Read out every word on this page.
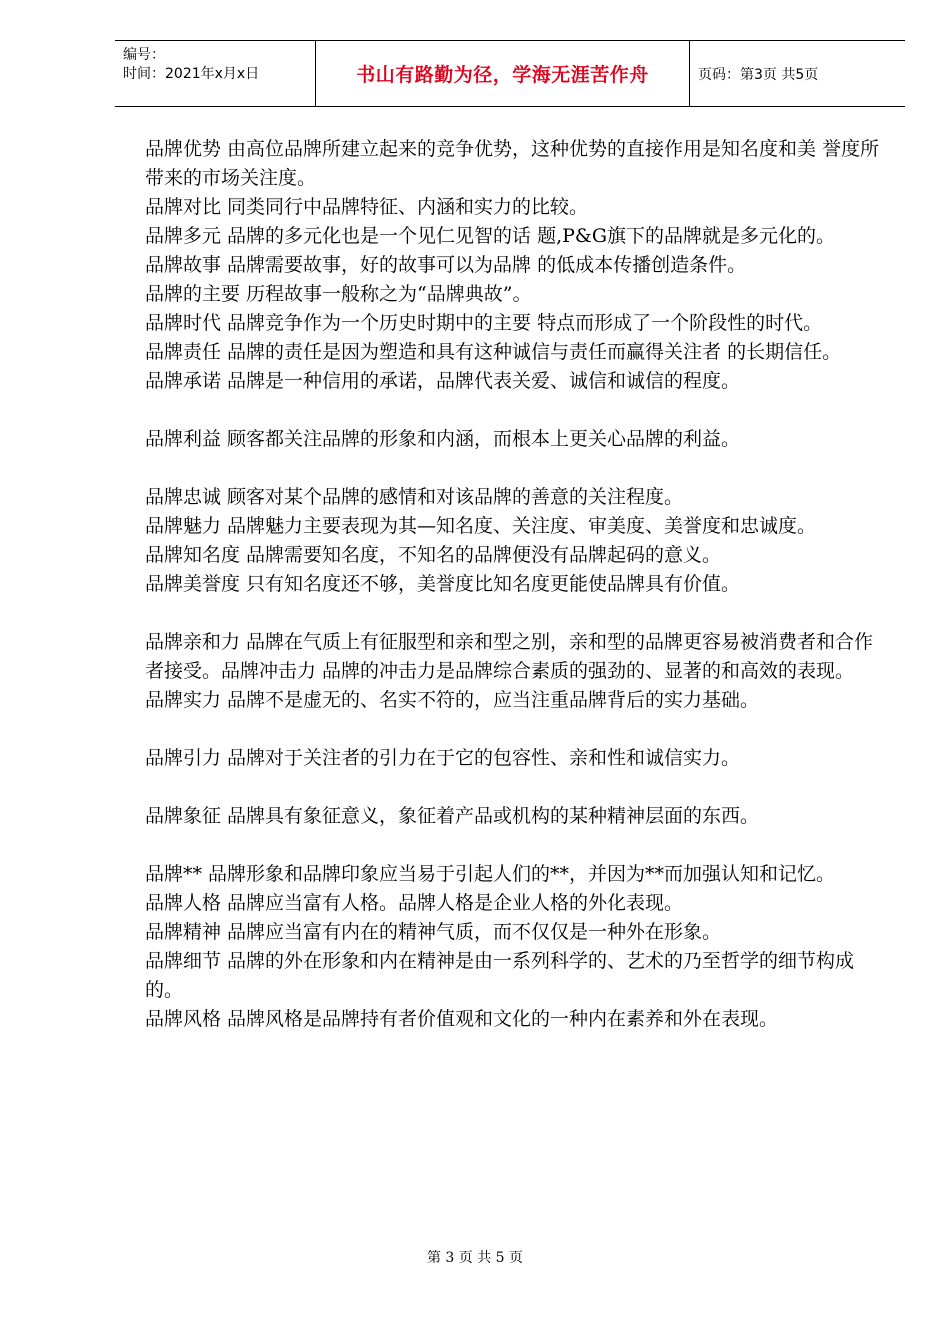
编号：
时间：2021年x月x日	书山有路勤为径，学海无涯苦作舟	页码：第3页 共5页

品牌优势 由高位品牌所建立起来的竞争优势，这种优势的直接作用是知名度和美 誉度所带来的市场关注度。

品牌对比 同类同行中品牌特征、内涵和实力的比较。

品牌多元 品牌的多元化也是一个见仁见智的话 题,P&G旗下的品牌就是多元化的。

品牌故事 品牌需要故事，好的故事可以为品牌 的低成本传播创造条件。

品牌的主要 历程故事一般称之为“品牌典故”。

品牌时代 品牌竞争作为一个历史时期中的主要 特点而形成了一个阶段性的时代。

品牌责任 品牌的责任是因为塑造和具有这种诚信与责任而赢得关注者 的长期信任。

品牌承诺 品牌是一种信用的承诺，品牌代表关爱、诚信和诚信的程度。

品牌利益 顾客都关注品牌的形象和内涵，而根本上更关心品牌的利益。

品牌忠诚 顾客对某个品牌的感情和对该品牌的善意的关注程度。

品牌魅力 品牌魅力主要表现为其—知名度、关注度、审美度、美誉度和忠诚度。

品牌知名度 品牌需要知名度，不知名的品牌便没有品牌起码的意义。

品牌美誉度 只有知名度还不够，美誉度比知名度更能使品牌具有价值。

品牌亲和力 品牌在气质上有征服型和亲和型之别，亲和型的品牌更容易被消费者和合作者接受。品牌冲击力 品牌的冲击力是品牌综合素质的强劲的、显著的和高效的表现。

品牌实力 品牌不是虚无的、名实不符的，应当注重品牌背后的实力基础。

品牌引力 品牌对于关注者的引力在于它的包容性、亲和性和诚信实力。

品牌象征 品牌具有象征意义，象征着产品或机构的某种精神层面的东西。

品牌** 品牌形象和品牌印象应当易于引起人们的**，并因为**而加强认知和记忆。

品牌人格 品牌应当富有人格。品牌人格是企业人格的外化表现。

品牌精神 品牌应当富有内在的精神气质，而不仅仅是一种外在形象。

品牌细节 品牌的外在形象和内在精神是由一系列科学的、艺术的乃至哲学的细节构成的。

品牌风格 品牌风格是品牌持有者价值观和文化的一种内在素养和外在表现。

第 3 页 共 5 页
